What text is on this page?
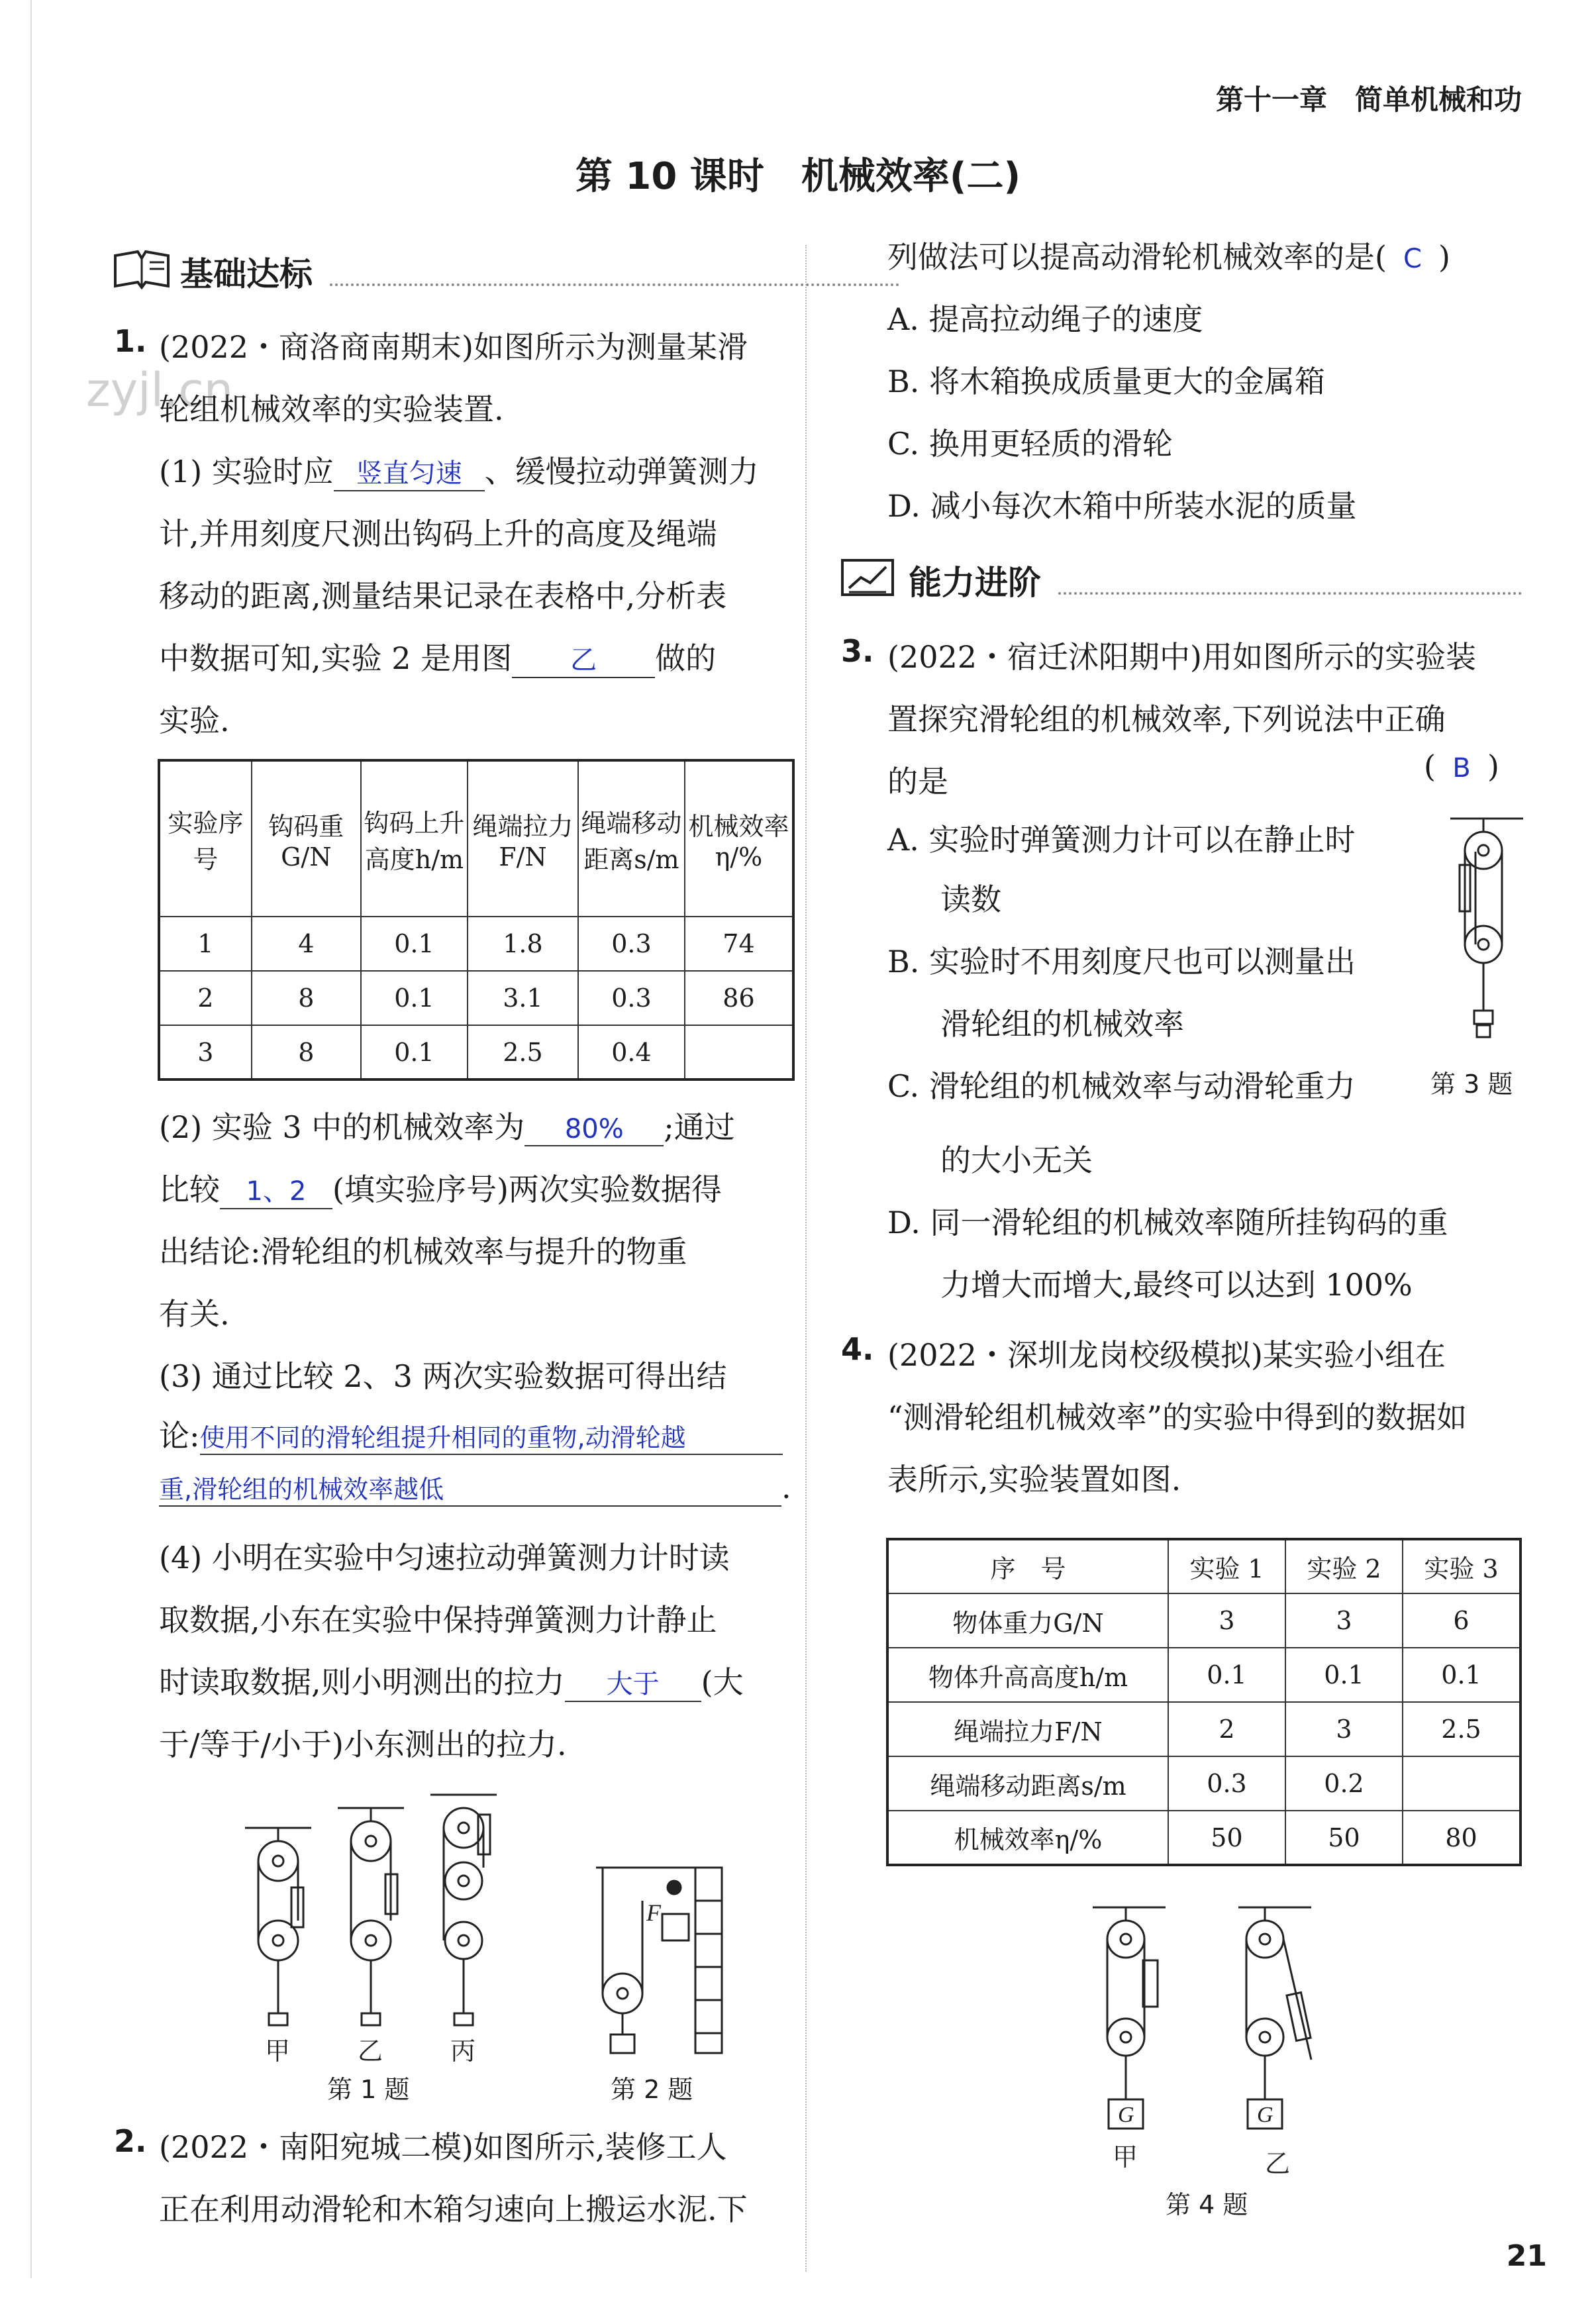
第十一章　简单机械和功
第 10 课时　机械效率(二)
zyjl.cn
基础达标
1. (2022・商洛商南期末)如图所示为测量某滑
轮组机械效率的实验装置.
(1) 实验时应 竖直匀速 、缓慢拉动弹簧测力
计,并用刻度尺测出钩码上升的高度及绳端
移动的距离,测量结果记录在表格中,分析表
中数据可知,实验 2 是用图 乙 做的
实验.
实验序号	钩码重G/N	钩码上升高度h/m	绳端拉力F/N	绳端移动距离s/m	机械效率η/%
1	4	0.1	1.8	0.3	74
2	8	0.1	3.1	0.3	86
3	8	0.1	2.5	0.4	
(2) 实验 3 中的机械效率为 80% ;通过
比较 1、2 (填实验序号)两次实验数据得
出结论:滑轮组的机械效率与提升的物重
有关.
(3) 通过比较 2、3 两次实验数据可得出结
论:使用不同的滑轮组提升相同的重物,动滑轮越
重,滑轮组的机械效率越低	.
(4) 小明在实验中匀速拉动弹簧测力计时读
取数据,小东在实验中保持弹簧测力计静止
时读取数据,则小明测出的拉力 大于 (大
于/等于/小于)小东测出的拉力.
甲	乙	丙
第 1 题
F
第 2 题
2. (2022・南阳宛城二模)如图所示,装修工人
正在利用动滑轮和木箱匀速向上搬运水泥.下
列做法可以提高动滑轮机械效率的是( C )
A. 提高拉动绳子的速度
B. 将木箱换成质量更大的金属箱
C. 换用更轻质的滑轮
D. 减小每次木箱中所装水泥的质量
能力进阶
3. (2022・宿迁沭阳期中)用如图所示的实验装
置探究滑轮组的机械效率,下列说法中正确
的是	( B )
A. 实验时弹簧测力计可以在静止时
读数
B. 实验时不用刻度尺也可以测量出
滑轮组的机械效率
C. 滑轮组的机械效率与动滑轮重力
的大小无关
D. 同一滑轮组的机械效率随所挂钩码的重
力增大而增大,最终可以达到 100%
第 3 题
4. (2022・深圳龙岗校级模拟)某实验小组在
“测滑轮组机械效率”的实验中得到的数据如
表所示,实验装置如图.
序　号	实验 1	实验 2	实验 3
物体重力G/N	3	3	6
物体升高高度h/m	0.1	0.1	0.1
绳端拉力F/N	2	3	2.5
绳端移动距离s/m	0.3	0.2	
机械效率η/%	50	50	80
G	G
甲	乙
第 4 题
21
